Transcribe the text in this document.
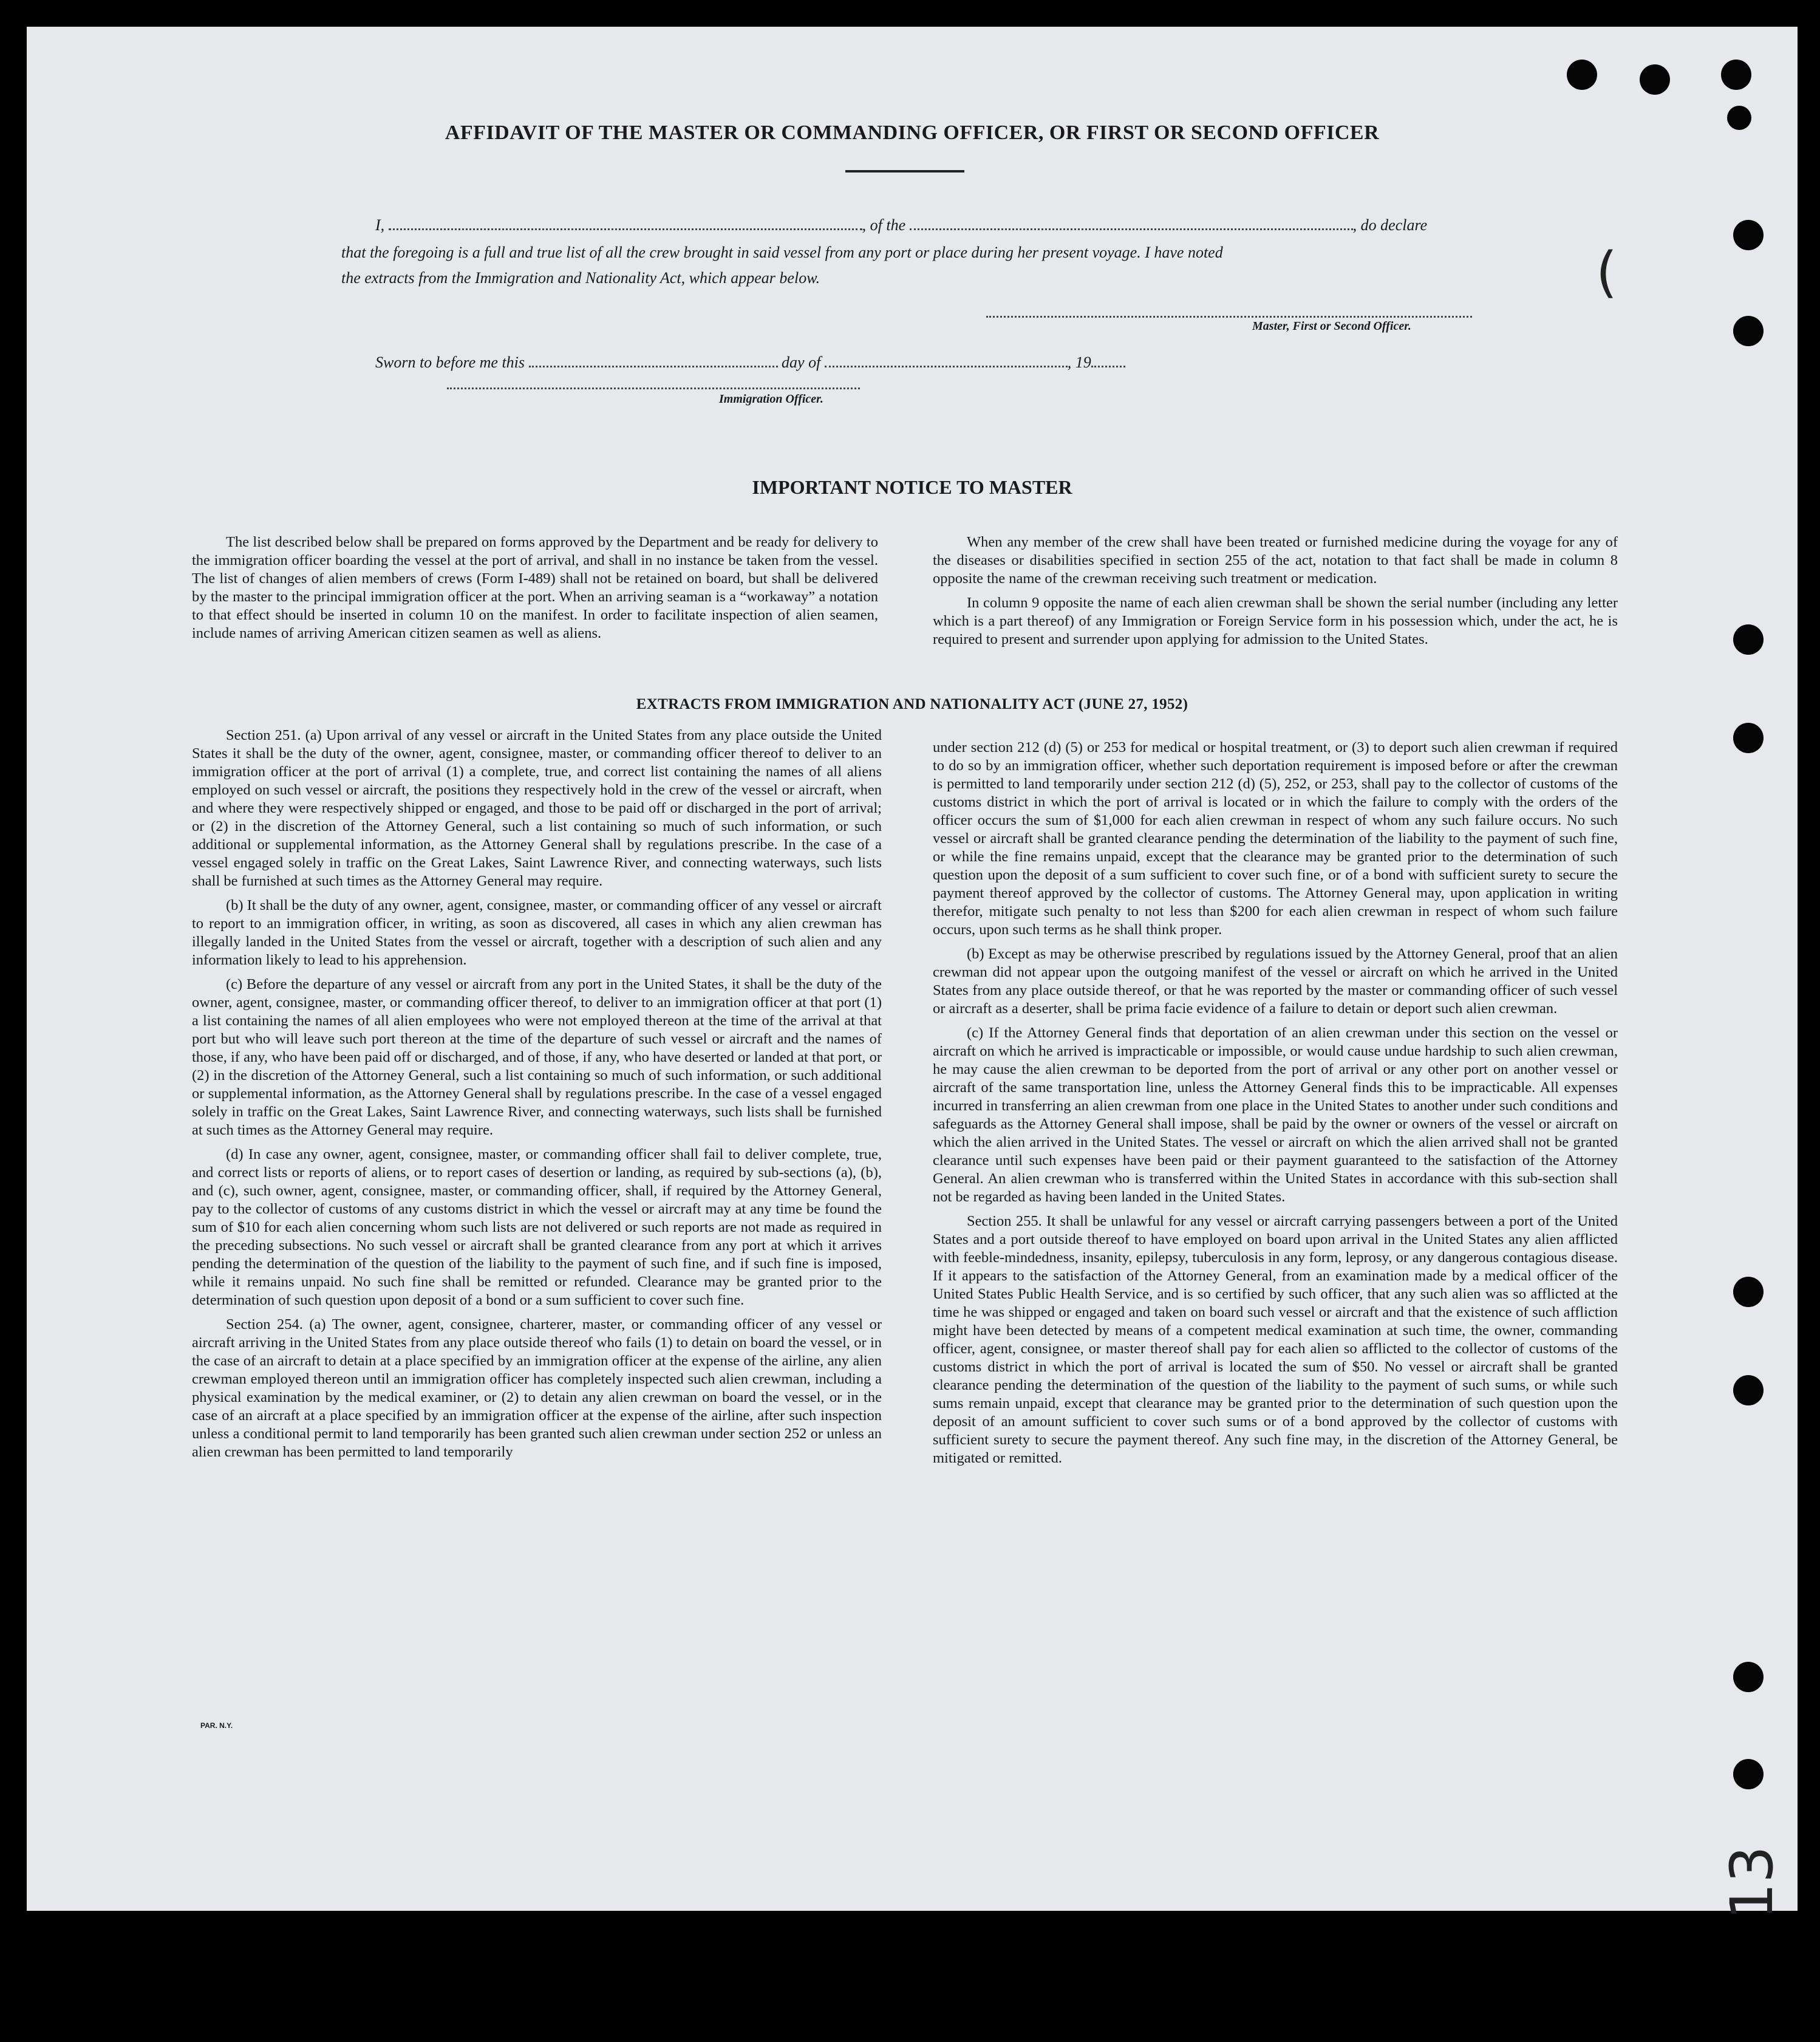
AFFIDAVIT OF THE MASTER OR COMMANDING OFFICER, OR FIRST OR SECOND OFFICER
I,	, of the	, do declare
that the foregoing is a full and true list of all the crew brought in said vessel from any port or place during her present voyage. I have noted
the extracts from the Immigration and Nationality Act, which appear below.
Master, First or Second Officer.
Sworn to before me this	day of	, 19
Immigration Officer.
IMPORTANT NOTICE TO MASTER

The list described below shall be prepared on forms approved by the Department and be ready for delivery to the immigration officer boarding the vessel at the port of arrival, and shall in no instance be taken from the vessel. The list of changes of alien members of crews (Form I-489) shall not be retained on board, but shall be delivered by the master to the principal immigration officer at the port. When an arriving seaman is a “workaway” a notation to that effect should be inserted in column 10 on the manifest. In order to facilitate inspection of alien seamen, include names of arriving American citizen seamen as well as aliens.

When any member of the crew shall have been treated or furnished medicine during the voyage for any of the diseases or disabilities specified in section 255 of the act, notation to that fact shall be made in column 8 opposite the name of the crewman receiving such treatment or medication.

In column 9 opposite the name of each alien crewman shall be shown the serial number (including any letter which is a part thereof) of any Immigration or Foreign Service form in his possession which, under the act, he is required to present and surrender upon applying for admission to the United States.

EXTRACTS FROM IMMIGRATION AND NATIONALITY ACT (JUNE 27, 1952)

Section 251. (a) Upon arrival of any vessel or aircraft in the United States from any place outside the United States it shall be the duty of the owner, agent, consignee, master, or commanding officer thereof to deliver to an immigration officer at the port of arrival (1) a complete, true, and correct list containing the names of all aliens employed on such vessel or aircraft, the positions they respectively hold in the crew of the vessel or aircraft, when and where they were respectively shipped or engaged, and those to be paid off or discharged in the port of arrival; or (2) in the discretion of the Attorney General, such a list containing so much of such information, or such additional or supplemental information, as the Attorney General shall by regulations prescribe. In the case of a vessel engaged solely in traffic on the Great Lakes, Saint Lawrence River, and connecting waterways, such lists shall be furnished at such times as the Attorney General may require.

(b) It shall be the duty of any owner, agent, consignee, master, or commanding officer of any vessel or aircraft to report to an immigration officer, in writing, as soon as discovered, all cases in which any alien crewman has illegally landed in the United States from the vessel or aircraft, together with a description of such alien and any information likely to lead to his apprehension.

(c) Before the departure of any vessel or aircraft from any port in the United States, it shall be the duty of the owner, agent, consignee, master, or commanding officer thereof, to deliver to an immigration officer at that port (1) a list containing the names of all alien employees who were not employed thereon at the time of the arrival at that port but who will leave such port thereon at the time of the departure of such vessel or aircraft and the names of those, if any, who have been paid off or discharged, and of those, if any, who have deserted or landed at that port, or (2) in the discretion of the Attorney General, such a list containing so much of such information, or such additional or supplemental information, as the Attorney General shall by regulations prescribe. In the case of a vessel engaged solely in traffic on the Great Lakes, Saint Lawrence River, and connecting waterways, such lists shall be furnished at such times as the Attorney General may require.

(d) In case any owner, agent, consignee, master, or commanding officer shall fail to deliver complete, true, and correct lists or reports of aliens, or to report cases of desertion or landing, as required by sub-sections (a), (b), and (c), such owner, agent, consignee, master, or commanding officer, shall, if required by the Attorney General, pay to the collector of customs of any customs district in which the vessel or aircraft may at any time be found the sum of $10 for each alien concerning whom such lists are not delivered or such reports are not made as required in the preceding subsections. No such vessel or aircraft shall be granted clearance from any port at which it arrives pending the determination of the question of the liability to the payment of such fine, and if such fine is imposed, while it remains unpaid. No such fine shall be remitted or refunded. Clearance may be granted prior to the determination of such question upon deposit of a bond or a sum sufficient to cover such fine.

Section 254. (a) The owner, agent, consignee, charterer, master, or commanding officer of any vessel or aircraft arriving in the United States from any place outside thereof who fails (1) to detain on board the vessel, or in the case of an aircraft to detain at a place specified by an immigration officer at the expense of the airline, any alien crewman employed thereon until an immigration officer has completely inspected such alien crewman, including a physical examination by the medical examiner, or (2) to detain any alien crewman on board the vessel, or in the case of an aircraft at a place specified by an immigration officer at the expense of the airline, after such inspection unless a conditional permit to land temporarily has been granted such alien crewman under section 252 or unless an alien crewman has been permitted to land temporarily

under section 212 (d) (5) or 253 for medical or hospital treatment, or (3) to deport such alien crewman if required to do so by an immigration officer, whether such deportation requirement is imposed before or after the crewman is permitted to land temporarily under section 212 (d) (5), 252, or 253, shall pay to the collector of customs of the customs district in which the port of arrival is located or in which the failure to comply with the orders of the officer occurs the sum of $1,000 for each alien crewman in respect of whom any such failure occurs. No such vessel or aircraft shall be granted clearance pending the determination of the liability to the payment of such fine, or while the fine remains unpaid, except that the clearance may be granted prior to the determination of such question upon the deposit of a sum sufficient to cover such fine, or of a bond with sufficient surety to secure the payment thereof approved by the collector of customs. The Attorney General may, upon application in writing therefor, mitigate such penalty to not less than $200 for each alien crewman in respect of whom such failure occurs, upon such terms as he shall think proper.

(b) Except as may be otherwise prescribed by regulations issued by the Attorney General, proof that an alien crewman did not appear upon the outgoing manifest of the vessel or aircraft on which he arrived in the United States from any place outside thereof, or that he was reported by the master or commanding officer of such vessel or aircraft as a deserter, shall be prima facie evidence of a failure to detain or deport such alien crewman.

(c) If the Attorney General finds that deportation of an alien crewman under this section on the vessel or aircraft on which he arrived is impracticable or impossible, or would cause undue hardship to such alien crewman, he may cause the alien crewman to be deported from the port of arrival or any other port on another vessel or aircraft of the same transportation line, unless the Attorney General finds this to be impracticable. All expenses incurred in transferring an alien crewman from one place in the United States to another under such conditions and safeguards as the Attorney General shall impose, shall be paid by the owner or owners of the vessel or aircraft on which the alien arrived in the United States. The vessel or aircraft on which the alien arrived shall not be granted clearance until such expenses have been paid or their payment guaranteed to the satisfaction of the Attorney General. An alien crewman who is transferred within the United States in accordance with this sub-section shall not be regarded as having been landed in the United States.

Section 255. It shall be unlawful for any vessel or aircraft carrying passengers between a port of the United States and a port outside thereof to have employed on board upon arrival in the United States any alien afflicted with feeble-mindedness, insanity, epilepsy, tuberculosis in any form, leprosy, or any dangerous contagious disease. If it appears to the satisfaction of the Attorney General, from an examination made by a medical officer of the United States Public Health Service, and is so certified by such officer, that any such alien was so afflicted at the time he was shipped or engaged and taken on board such vessel or aircraft and that the existence of such affliction might have been detected by means of a competent medical examination at such time, the owner, commanding officer, agent, consignee, or master thereof shall pay for each alien so afflicted to the collector of customs of the customs district in which the port of arrival is located the sum of $50. No vessel or aircraft shall be granted clearance pending the determination of the question of the liability to the payment of such sums, or while such sums remain unpaid, except that clearance may be granted prior to the determination of such question upon the deposit of an amount sufficient to cover such sums or of a bond approved by the collector of customs with sufficient surety to secure the payment thereof. Any such fine may, in the discretion of the Attorney General, be mitigated or remitted.

PAR. N.Y.
(
13
